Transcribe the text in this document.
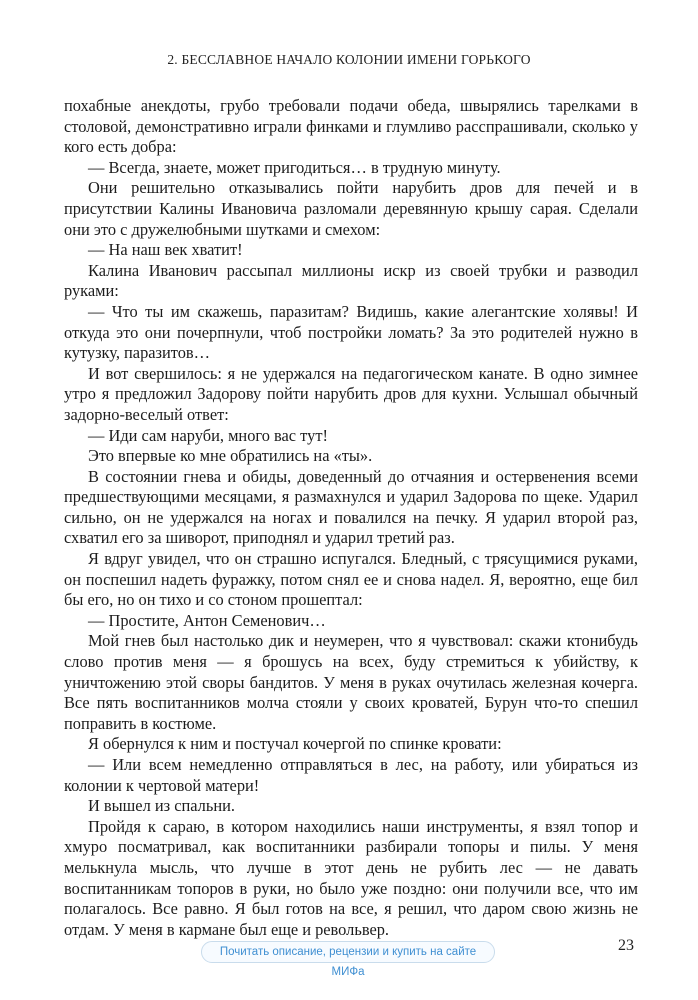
2. БЕССЛАВНОЕ НАЧАЛО КОЛОНИИ ИМЕНИ ГОРЬКОГО

похабные анекдоты, грубо требовали подачи обеда, швырялись тарелками в столовой, демонстративно играли финками и глумливо расспрашивали, сколько у кого есть добра:

— Всегда, знаете, может пригодиться… в трудную минуту.

Они решительно отказывались пойти нарубить дров для печей и в присутствии Калины Ивановича разломали деревянную крышу сарая. Сделали они это с дружелюбными шутками и смехом:

— На наш век хватит!

Калина Иванович рассыпал миллионы искр из своей трубки и разводил руками:

— Что ты им скажешь, паразитам? Видишь, какие алегантские холявы! И откуда это они почерпнули, чтоб постройки ломать? За это родителей нужно в кутузку, паразитов…

И вот свершилось: я не удержался на педагогическом канате. В одно зимнее утро я предложил Задорову пойти нарубить дров для кухни. Услышал обычный задорно-веселый ответ:

— Иди сам наруби, много вас тут!

Это впервые ко мне обратились на «ты».

В состоянии гнева и обиды, доведенный до отчаяния и остервенения всеми предшествующими месяцами, я размахнулся и ударил Задорова по щеке. Ударил сильно, он не удержался на ногах и повалился на печку. Я ударил второй раз, схватил его за шиворот, приподнял и ударил третий раз.

Я вдруг увидел, что он страшно испугался. Бледный, с трясущимися руками, он поспешил надеть фуражку, потом снял ее и снова надел. Я, вероятно, еще бил бы его, но он тихо и со стоном прошептал:

— Простите, Антон Семенович…

Мой гнев был настолько дик и неумерен, что я чувствовал: скажи ктонибудь слово против меня — я брошусь на всех, буду стремиться к убийству, к уничтожению этой своры бандитов. У меня в руках очутилась железная кочерга. Все пять воспитанников молча стояли у своих кроватей, Бурун что-то спешил поправить в костюме.

Я обернулся к ним и постучал кочергой по спинке кровати:

— Или всем немедленно отправляться в лес, на работу, или убираться из колонии к чертовой матери!

И вышел из спальни.

Пройдя к сараю, в котором находились наши инструменты, я взял топор и хмуро посматривал, как воспитанники разбирали топоры и пилы. У меня мелькнула мысль, что лучше в этот день не рубить лес — не давать воспитанникам топоров в руки, но было уже поздно: они получили все, что им полагалось. Все равно. Я был готов на все, я решил, что даром свою жизнь не отдам. У меня в кармане был еще и револьвер.

23
Почитать описание, рецензии и купить на сайте МИФа
